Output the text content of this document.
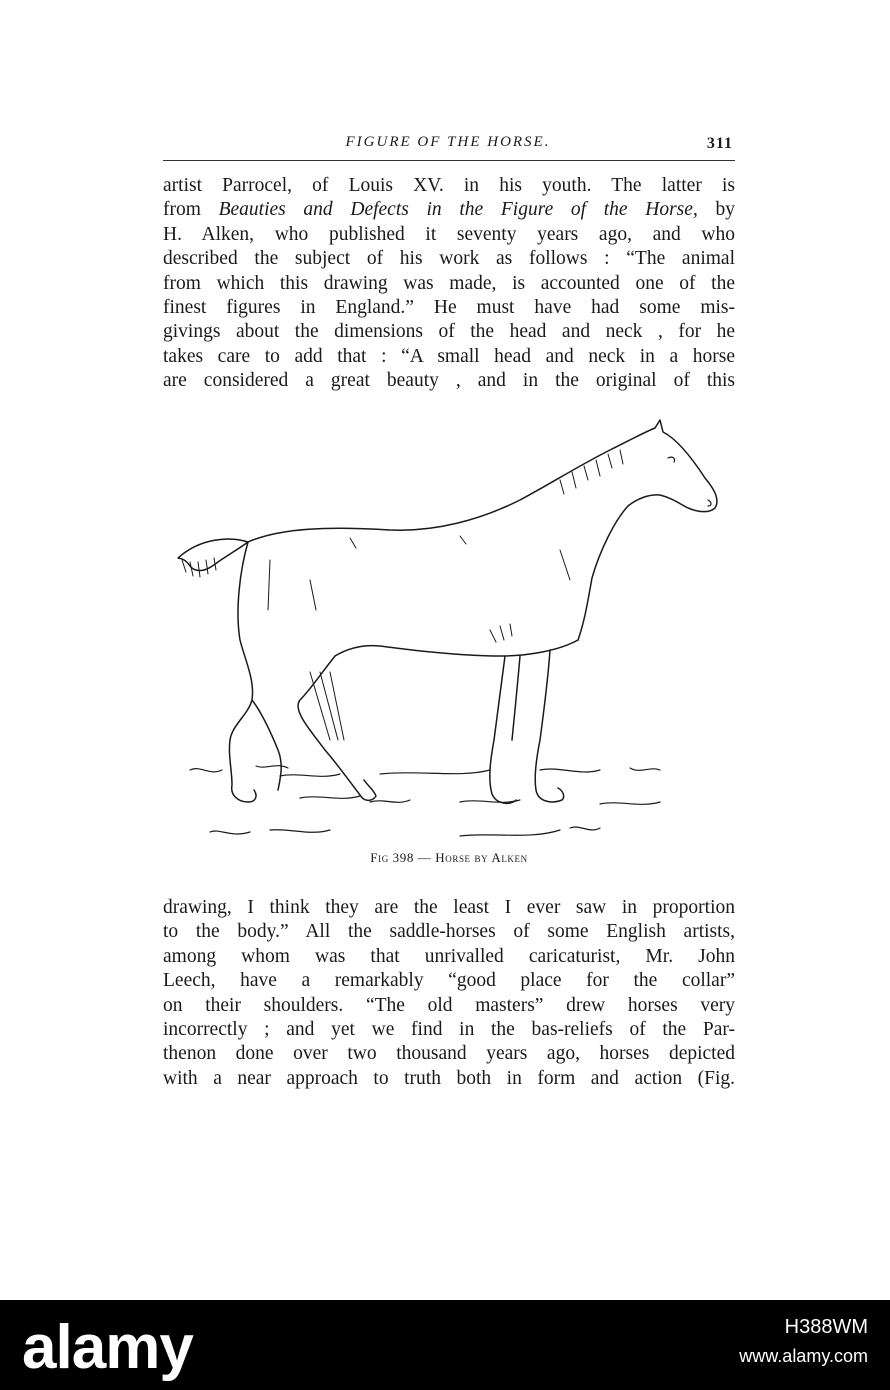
FIGURE OF THE HORSE.	311
artist Parrocel, of Louis XV. in his youth. The latter is
from Beauties and Defects in the Figure of the Horse, by
H. Alken, who published it seventy years ago, and who
described the subject of his work as follows : “The animal
from which this drawing was made, is accounted one of the
finest figures in England.” He must have had some mis-
givings about the dimensions of the head and neck , for he
takes care to add that : “A small head and neck in a horse
are considered a great beauty , and in the original of this
Fig 398 — Horse by Alken
drawing, I think they are the least I ever saw in proportion
to the body.” All the saddle-horses of some English artists,
among whom was that unrivalled caricaturist, Mr. John
Leech, have a remarkably “good place for the collar”
on their shoulders. “The old masters” drew horses very
incorrectly ; and yet we find in the bas-reliefs of the Par-
thenon done over two thousand years ago, horses depicted
with a near approach to truth both in form and action (Fig.
alamy	H388WM
www.alamy.com
